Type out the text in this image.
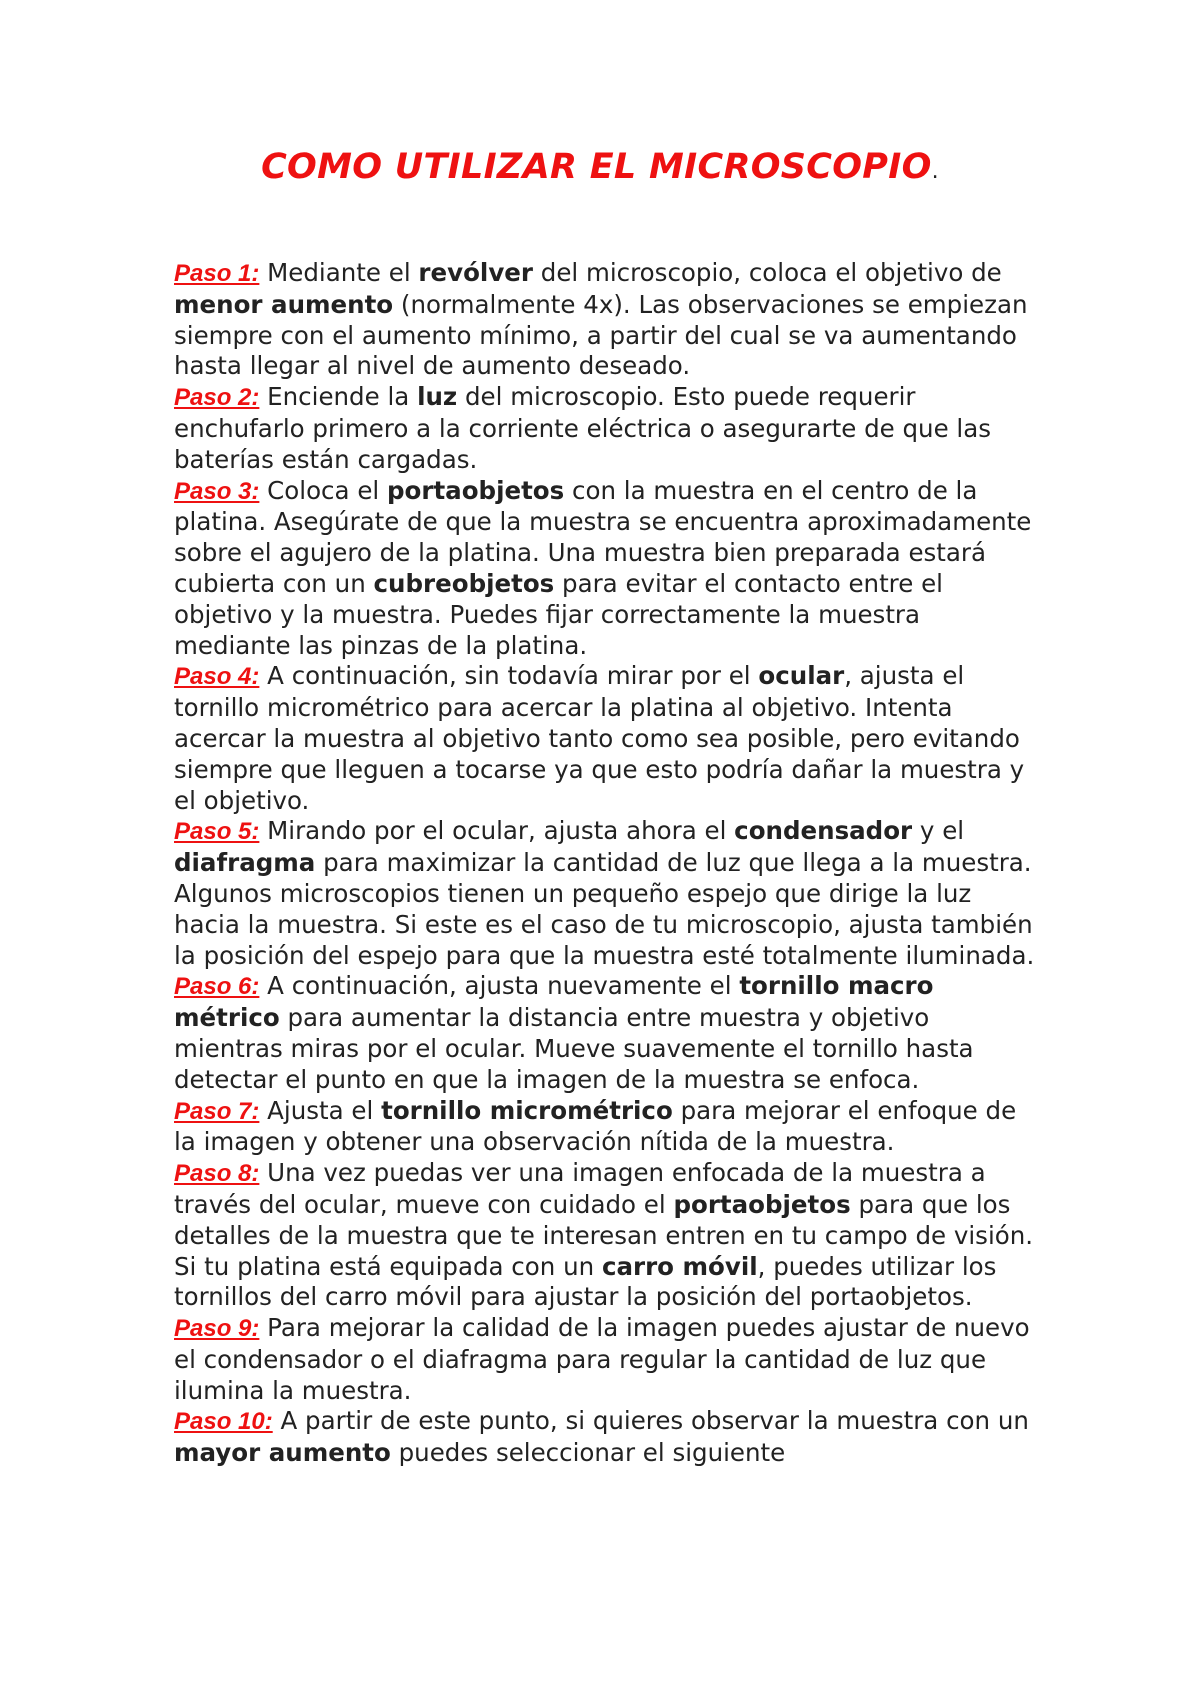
COMO UTILIZAR EL MICROSCOPIO.

Paso 1: Mediante el revólver del microscopio, coloca el objetivo de menor aumento (normalmente 4x). Las observaciones se empiezan siempre con el aumento mínimo, a partir del cual se va aumentando hasta llegar al nivel de aumento deseado.

Paso 2: Enciende la luz del microscopio. Esto puede requerir enchufarlo primero a la corriente eléctrica o asegurarte de que las baterías están cargadas.

Paso 3: Coloca el portaobjetos con la muestra en el centro de la platina. Asegúrate de que la muestra se encuentra aproximadamente sobre el agujero de la platina. Una muestra bien preparada estará cubierta con un cubreobjetos para evitar el contacto entre el objetivo y la muestra. Puedes fijar correctamente la muestra mediante las pinzas de la platina.

Paso 4: A continuación, sin todavía mirar por el ocular, ajusta el tornillo micrométrico para acercar la platina al objetivo. Intenta acercar la muestra al objetivo tanto como sea posible, pero evitando siempre que lleguen a tocarse ya que esto podría dañar la muestra y el objetivo.

Paso 5: Mirando por el ocular, ajusta ahora el condensador y el diafragma para maximizar la cantidad de luz que llega a la muestra. Algunos microscopios tienen un pequeño espejo que dirige la luz hacia la muestra. Si este es el caso de tu microscopio, ajusta también la posición del espejo para que la muestra esté totalmente iluminada.

Paso 6: A continuación, ajusta nuevamente el tornillo macro métrico para aumentar la distancia entre muestra y objetivo mientras miras por el ocular. Mueve suavemente el tornillo hasta detectar el punto en que la imagen de la muestra se enfoca.

Paso 7: Ajusta el tornillo micrométrico para mejorar el enfoque de la imagen y obtener una observación nítida de la muestra.

Paso 8: Una vez puedas ver una imagen enfocada de la muestra a través del ocular, mueve con cuidado el portaobjetos para que los detalles de la muestra que te interesan entren en tu campo de visión. Si tu platina está equipada con un carro móvil, puedes utilizar los tornillos del carro móvil para ajustar la posición del portaobjetos.

Paso 9: Para mejorar la calidad de la imagen puedes ajustar de nuevo el condensador o el diafragma para regular la cantidad de luz que ilumina la muestra.

Paso 10: A partir de este punto, si quieres observar la muestra con un mayor aumento puedes seleccionar el siguiente
